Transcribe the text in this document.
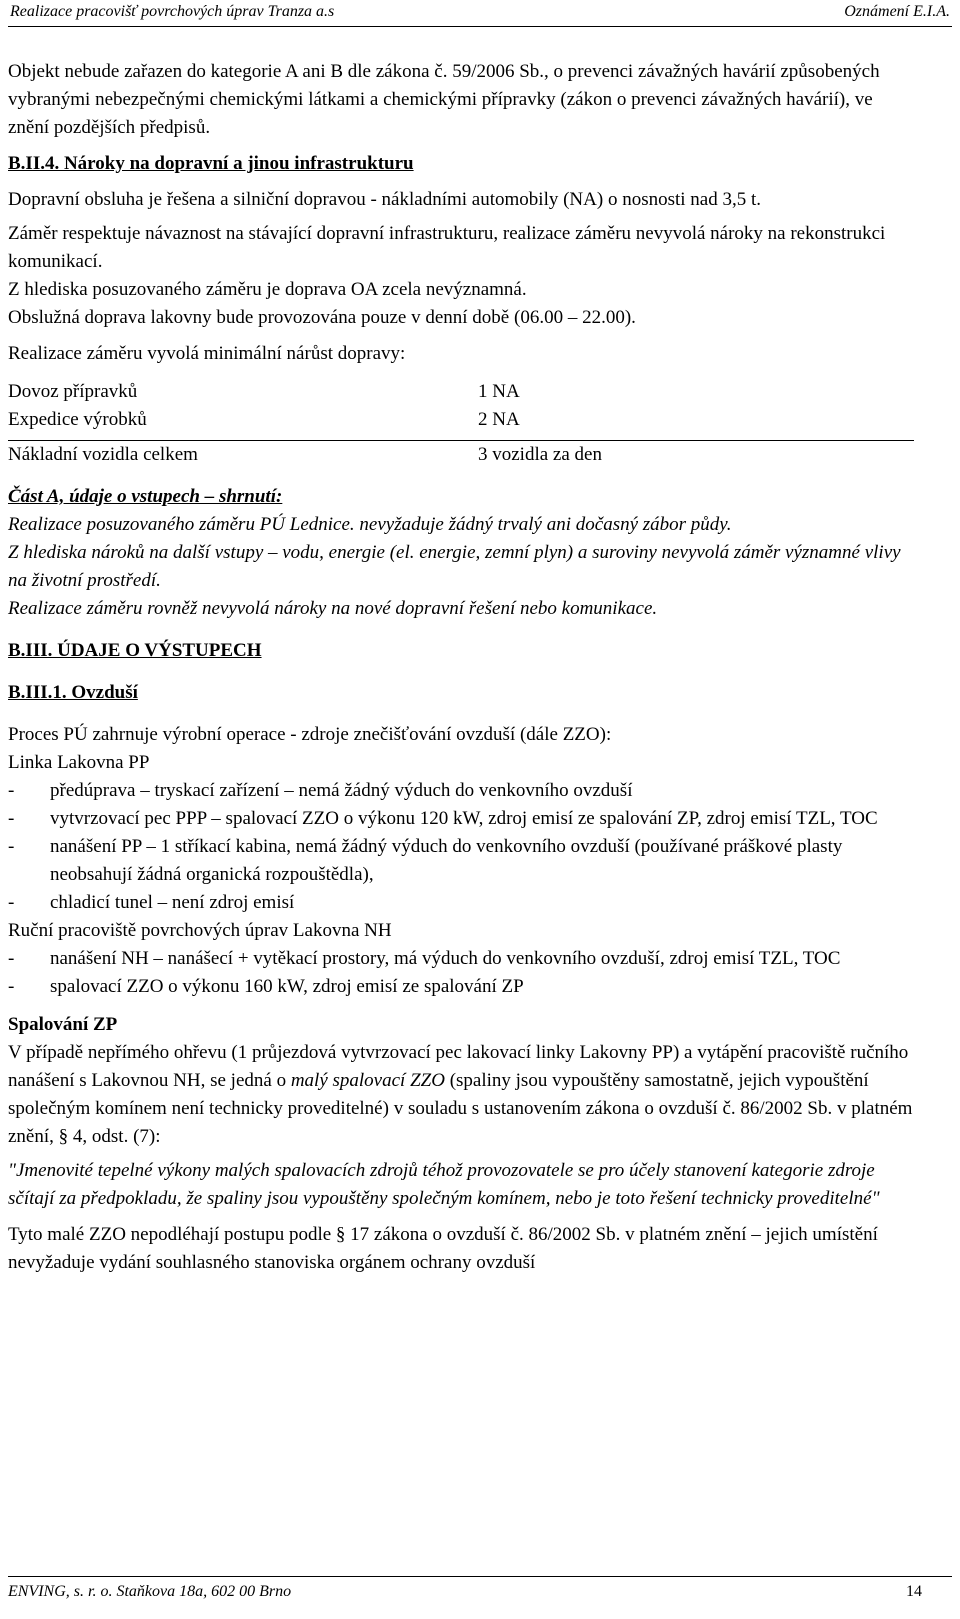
Realizace pracovišť povrchových úprav Tranza a.s	Oznámení E.I.A.

Objekt nebude zařazen do kategorie A ani B dle zákona č. 59/2006 Sb., o prevenci závažných havárií způsobených vybranými nebezpečnými chemickými látkami a chemickými přípravky (zákon o prevenci závažných havárií), ve znění pozdějších předpisů.

B.II.4. Nároky na dopravní a jinou infrastrukturu

Dopravní obsluha je řešena a silniční dopravou - nákladními automobily (NA) o nosnosti nad 3,5 t.

Záměr respektuje návaznost na stávající dopravní infrastrukturu, realizace záměru nevyvolá nároky na rekonstrukci komunikací.

Z hlediska posuzovaného záměru je doprava OA zcela nevýznamná.

Obslužná doprava lakovny bude provozována pouze v denní době (06.00 – 22.00).

Realizace záměru vyvolá minimální nárůst dopravy:

Dovoz přípravků	1 NA
Expedice výrobků	2 NA
Nákladní vozidla celkem	3 vozidla za den

Část A, údaje o vstupech – shrnutí:

Realizace posuzovaného záměru PÚ Lednice. nevyžaduje žádný trvalý ani dočasný zábor půdy.

Z hlediska nároků na další vstupy – vodu, energie (el. energie, zemní plyn) a suroviny nevyvolá záměr významné vlivy na životní prostředí.

Realizace záměru rovněž nevyvolá nároky na nové dopravní řešení nebo komunikace.

B.III. ÚDAJE O VÝSTUPECH

B.III.1. Ovzduší

Proces PÚ zahrnuje výrobní operace - zdroje znečišťování ovzduší (dále ZZO):

Linka Lakovna PP

-	předúprava – tryskací zařízení – nemá žádný výduch do venkovního ovzduší
-	vytvrzovací pec PPP – spalovací ZZO o výkonu 120 kW, zdroj emisí ze spalování ZP, zdroj emisí TZL, TOC
-	nanášení PP – 1 stříkací kabina, nemá žádný výduch do venkovního ovzduší (používané práškové plasty neobsahují žádná organická rozpouštědla),
-	chladicí tunel – není zdroj emisí

Ruční pracoviště povrchových úprav Lakovna NH

-	nanášení NH – nanášecí + vytěkací prostory, má výduch do venkovního ovzduší, zdroj emisí TZL, TOC
-	spalovací ZZO o výkonu 160 kW, zdroj emisí ze spalování ZP

Spalování ZP

V případě nepřímého ohřevu (1 průjezdová vytvrzovací pec lakovací linky Lakovny PP) a vytápění pracoviště ručního nanášení s Lakovnou NH, se jedná o malý spalovací ZZO (spaliny jsou vypouštěny samostatně, jejich vypouštění společným komínem není technicky proveditelné) v souladu s ustanovením zákona o ovzduší č. 86/2002 Sb. v platném znění, § 4, odst. (7):

"Jmenovité tepelné výkony malých spalovacích zdrojů téhož provozovatele se pro účely stanovení kategorie zdroje sčítají za předpokladu, že spaliny jsou vypouštěny společným komínem, nebo je toto řešení technicky proveditelné"

Tyto malé ZZO nepodléhají postupu podle § 17 zákona o ovzduší č. 86/2002 Sb. v platném znění – jejich umístění nevyžaduje vydání souhlasného stanoviska orgánem ochrany ovzduší

ENVING, s. r. o. Staňkova 18a, 602 00 Brno	14
